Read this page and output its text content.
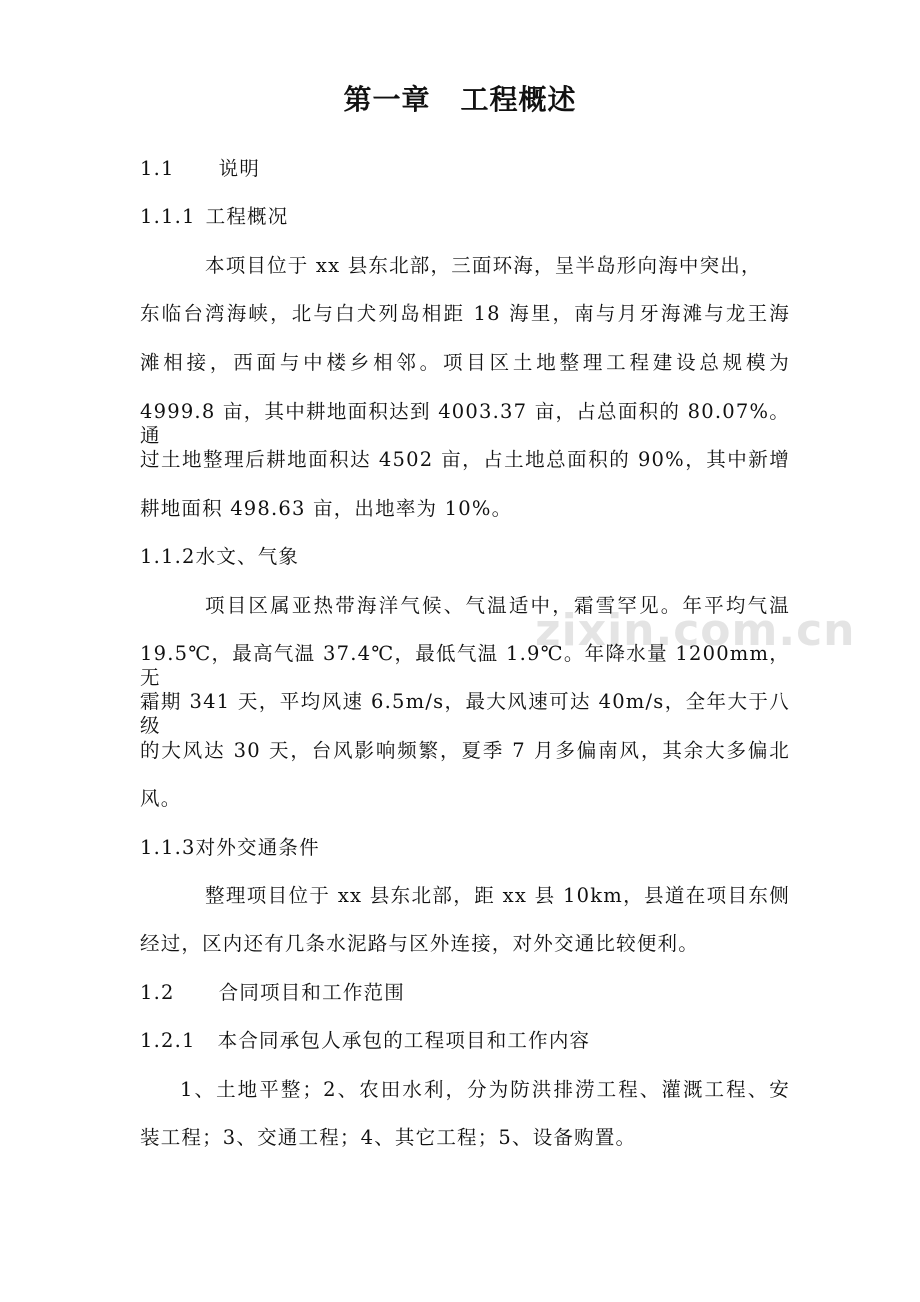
zixin.com.cn
第一章 工程概述
1.1 说明
1.1.1 工程概况
本项目位于 xx 县东北部，三面环海，呈半岛形向海中突出，
东临台湾海峡，北与白犬列岛相距 18 海里，南与月牙海滩与龙王海
滩相接，西面与中楼乡相邻。项目区土地整理工程建设总规模为
4999.8 亩，其中耕地面积达到 4003.37 亩，占总面积的 80.07%。通
过土地整理后耕地面积达 4502 亩，占土地总面积的 90%，其中新增
耕地面积 498.63 亩，出地率为 10%。
1.1.2水文、气象
项目区属亚热带海洋气候、气温适中，霜雪罕见。年平均气温
19.5℃，最高气温 37.4℃，最低气温 1.9℃。年降水量 1200mm，无
霜期 341 天，平均风速 6.5m/s，最大风速可达 40m/s，全年大于八级
的大风达 30 天，台风影响频繁，夏季 7 月多偏南风，其余大多偏北
风。
1.1.3对外交通条件
整理项目位于 xx 县东北部，距 xx 县 10km，县道在项目东侧
经过，区内还有几条水泥路与区外连接，对外交通比较便利。
1.2 合同项目和工作范围
1.2.1 本合同承包人承包的工程项目和工作内容
1、土地平整；2、农田水利，分为防洪排涝工程、灌溉工程、安
装工程；3、交通工程；4、其它工程；5、设备购置。
